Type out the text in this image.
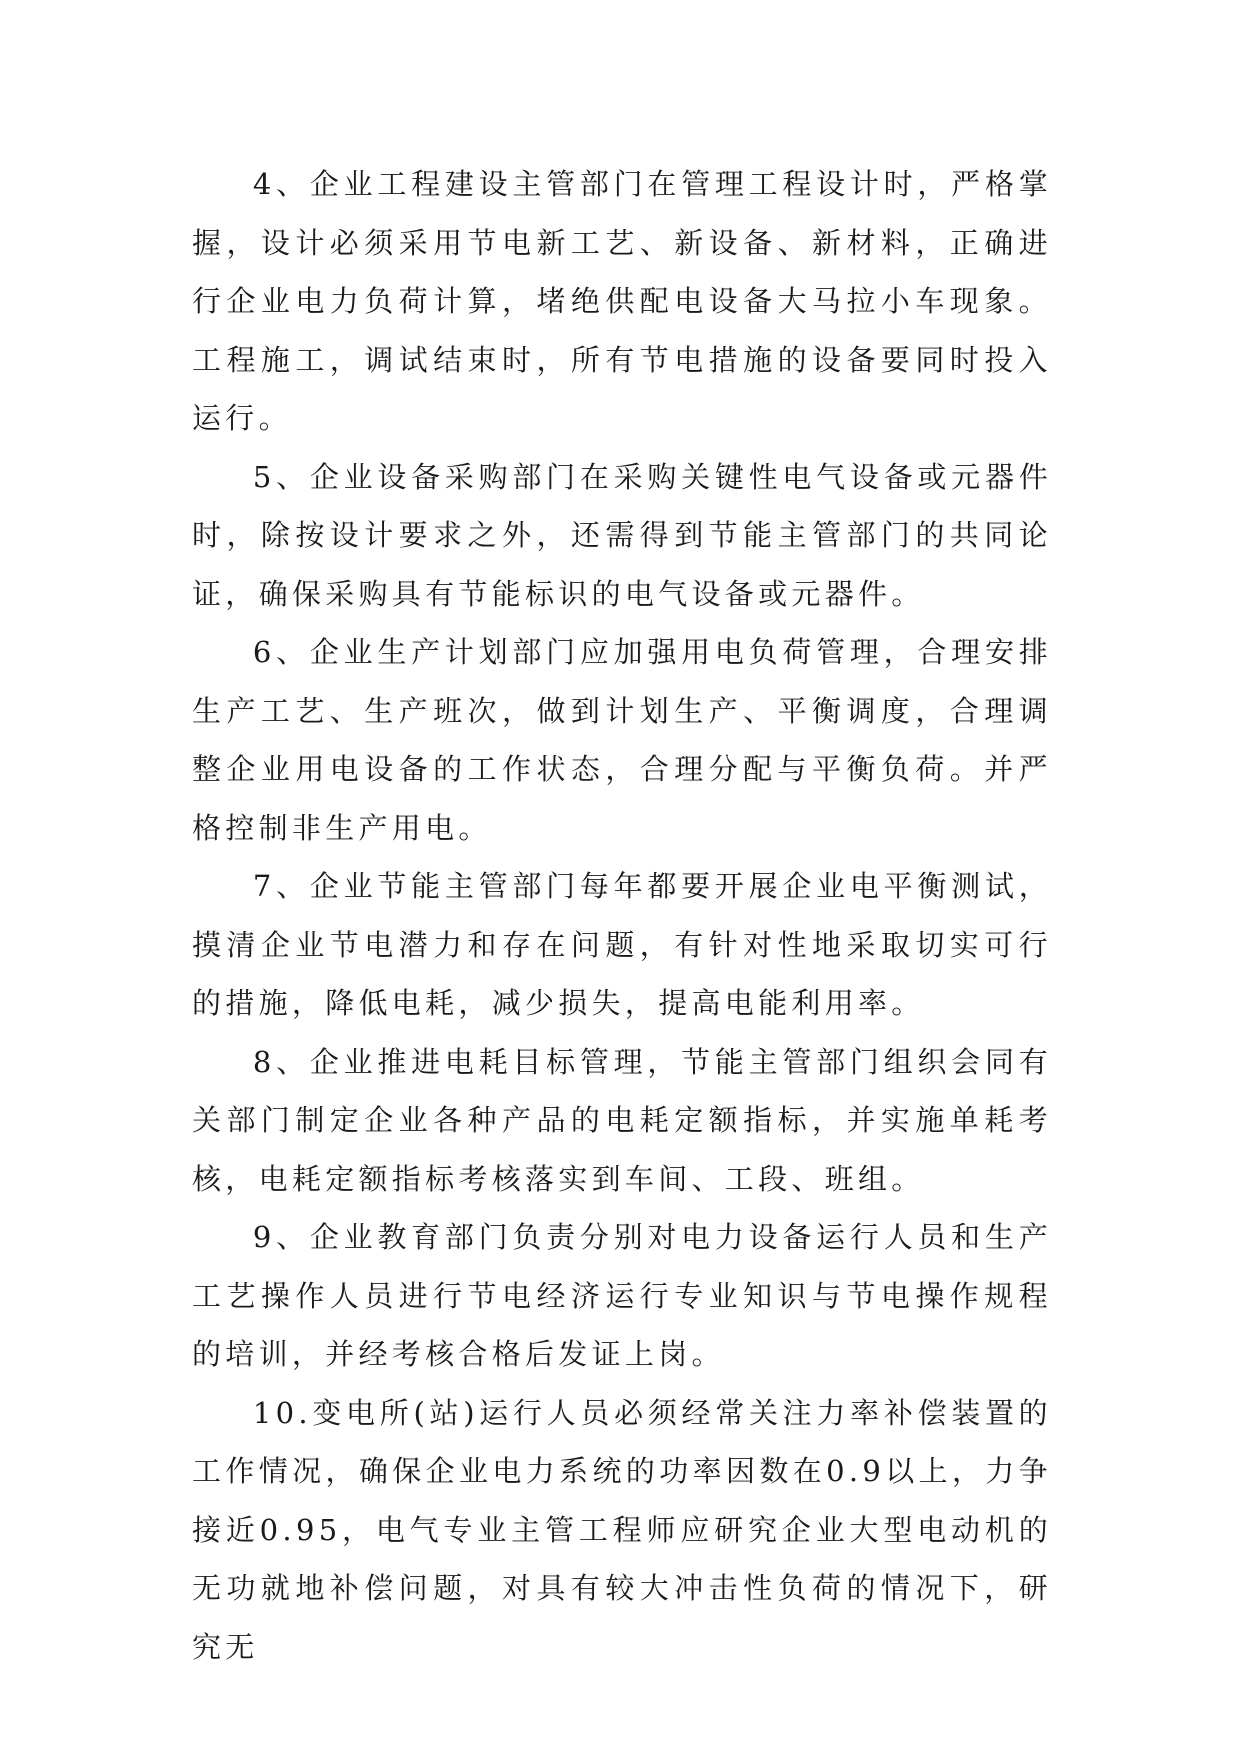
4、企业工程建设主管部门在管理工程设计时，严格掌握，设计必须采用节电新工艺、新设备、新材料，正确进行企业电力负荷计算，堵绝供配电设备大马拉小车现象。工程施工，调试结束时，所有节电措施的设备要同时投入运行。

5、企业设备采购部门在采购关键性电气设备或元器件时，除按设计要求之外，还需得到节能主管部门的共同论证，确保采购具有节能标识的电气设备或元器件。

6、企业生产计划部门应加强用电负荷管理，合理安排生产工艺、生产班次，做到计划生产、平衡调度，合理调整企业用电设备的工作状态，合理分配与平衡负荷。并严格控制非生产用电。

7、企业节能主管部门每年都要开展企业电平衡测试，摸清企业节电潜力和存在问题，有针对性地采取切实可行的措施，降低电耗，减少损失，提高电能利用率。

8、企业推进电耗目标管理，节能主管部门组织会同有关部门制定企业各种产品的电耗定额指标，并实施单耗考核，电耗定额指标考核落实到车间、工段、班组。

9、企业教育部门负责分别对电力设备运行人员和生产工艺操作人员进行节电经济运行专业知识与节电操作规程的培训，并经考核合格后发证上岗。

10.变电所(站)运行人员必须经常关注力率补偿装置的工作情况，确保企业电力系统的功率因数在0.9以上，力争接近0.95，电气专业主管工程师应研究企业大型电动机的无功就地补偿问题，对具有较大冲击性负荷的情况下，研究无
